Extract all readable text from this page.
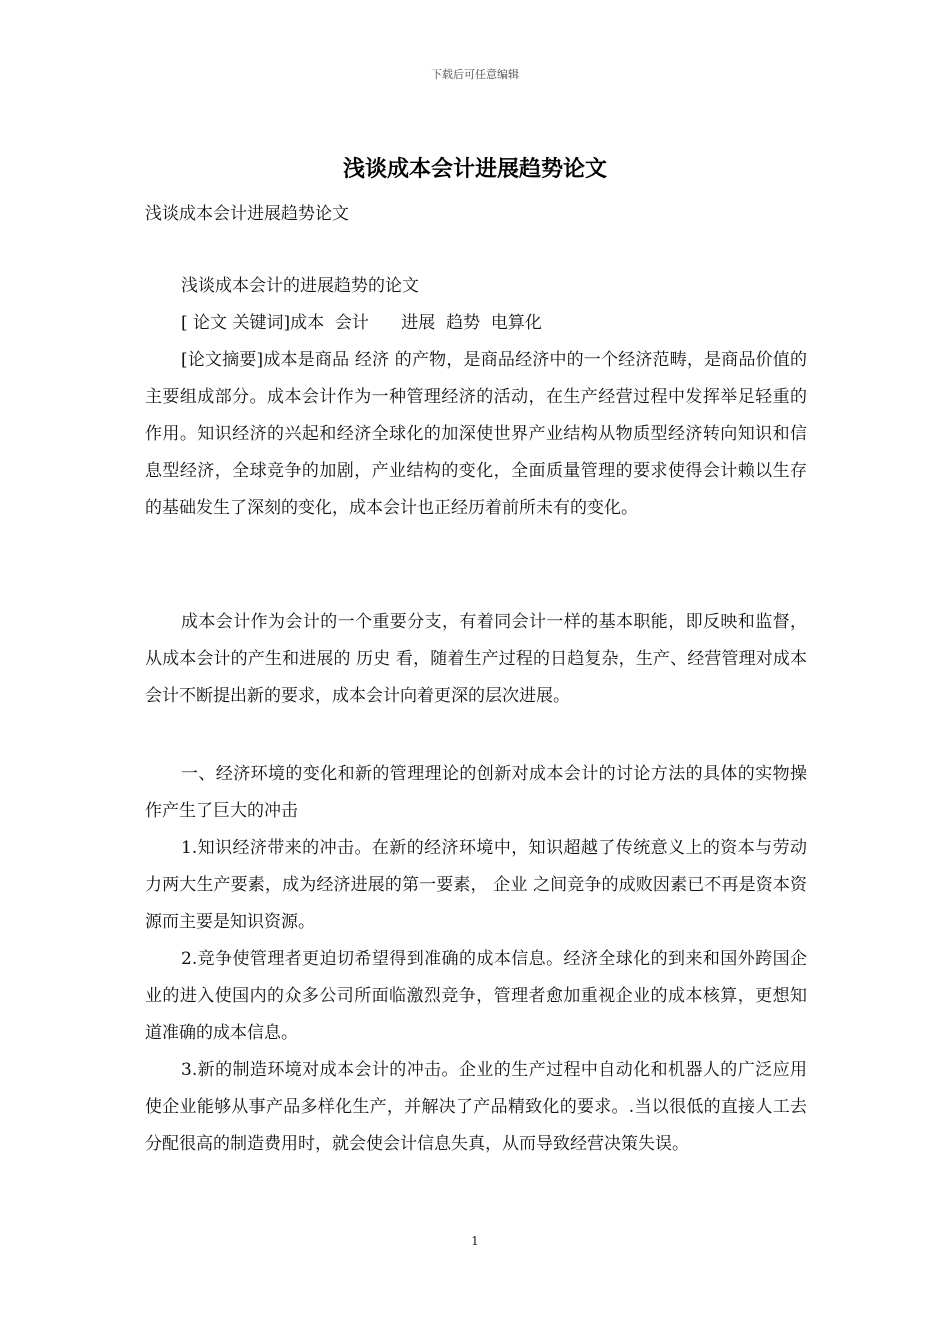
下载后可任意编辑
浅谈成本会计进展趋势论文

浅谈成本会计进展趋势论文

浅谈成本会计的进展趋势的论文

[ 论文 关键词]成本  会计      进展  趋势  电算化

[论文摘要]成本是商品 经济 的产物，是商品经济中的一个经济范畴，是商品价值的主要组成部分。成本会计作为一种管理经济的活动，在生产经营过程中发挥举足轻重的作用。知识经济的兴起和经济全球化的加深使世界产业结构从物质型经济转向知识和信息型经济，全球竞争的加剧，产业结构的变化，全面质量管理的要求使得会计赖以生存的基础发生了深刻的变化，成本会计也正经历着前所未有的变化。

成本会计作为会计的一个重要分支，有着同会计一样的基本职能，即反映和监督，从成本会计的产生和进展的 历史 看，随着生产过程的日趋复杂，生产、经营管理对成本会计不断提出新的要求，成本会计向着更深的层次进展。

一、经济环境的变化和新的管理理论的创新对成本会计的讨论方法的具体的实物操作产生了巨大的冲击

1.知识经济带来的冲击。在新的经济环境中，知识超越了传统意义上的资本与劳动力两大生产要素，成为经济进展的第一要素， 企业 之间竞争的成败因素已不再是资本资源而主要是知识资源。

2.竞争使管理者更迫切希望得到准确的成本信息。经济全球化的到来和国外跨国企业的进入使国内的众多公司所面临激烈竞争，管理者愈加重视企业的成本核算，更想知道准确的成本信息。

3.新的制造环境对成本会计的冲击。企业的生产过程中自动化和机器人的广泛应用使企业能够从事产品多样化生产，并解决了产品精致化的要求。.当以很低的直接人工去分配很高的制造费用时，就会使会计信息失真，从而导致经营决策失误。

1
